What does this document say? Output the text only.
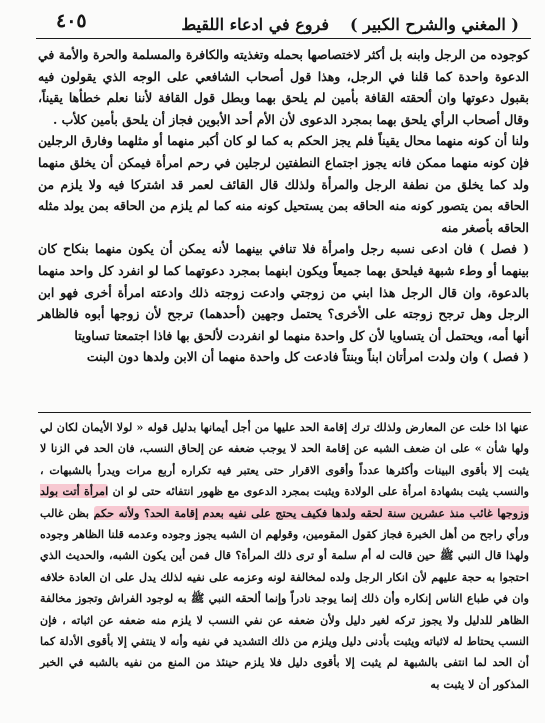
( المغني والشرح الكبير )
فروع في ادعاء اللقيط
٤٠٥

كوجوده من الرجل وابنه بل أكثر لاختصاصها بحمله وتغذيته والكافرة والمسلمة والحرة والأمة في الدعوة واحدة كما قلنا في الرجل، وهذا قول أصحاب الشافعي على الوجه الذي يقولون فيه بقبول دعوتها وان ألحقته القافة بأمين لم يلحق بهما وبطل قول القافة لأننا نعلم خطأها يقيناً، وقال أصحاب الرأي يلحق بهما بمجرد الدعوى لأن الأم أحد الأبوين فجاز أن يلحق بأمين كلأب .

ولنا أن كونه منهما محال يقيناً فلم يجز الحكم به كما لو كان أكبر منهما أو مثلهما وفارق الرجلين فإن كونه منهما ممكن فانه يجوز اجتماع النطفتين لرجلين في رحم امرأة فيمكن أن يخلق منهما ولد كما يخلق من نطفة الرجل والمرأة ولذلك قال القائف لعمر قد اشتركا فيه ولا يلزم من الحاقه بمن يتصور كونه منه الحاقه بمن يستحيل كونه منه كما لم يلزم من الحاقه بمن يولد مثله الحاقه بأصغر منه

( فصل ) فان ادعى نسبه رجل وامرأة فلا تنافي بينهما لأنه يمكن أن يكون منهما بنكاح كان بينهما أو وطء شبهة فيلحق بهما جميعاً ويكون ابنهما بمجرد دعوتهما كما لو انفرد كل واحد منهما بالدعوة، وان قال الرجل هذا ابني من زوجتي وادعت زوجته ذلك وادعته امرأة أخرى فهو ابن الرجل وهل ترجح زوجته على الأخرى؟ يحتمل وجهين (أحدهما) ترجح لأن زوجها أبوه فالظاهر أنها أمه، ويحتمل أن يتساويا لأن كل واحدة منهما لو انفردت لألحق بها فاذا اجتمعتا تساويتا

( فصل ) وان ولدت امرأتان ابناً وبنتاً فادعت كل واحدة منهما أن الابن ولدها دون البنت

عنها اذا خلت عن المعارض ولذلك ترك إقامة الحد عليها من أجل أيمانها بدليل قوله « لولا الأيمان لكان لي ولها شأن » على ان ضعف الشبه عن إقامة الحد لا يوجب ضعفه عن إلحاق النسب، فان الحد في الزنا لا يثبت إلا بأقوى البينات وأكثرها عدداً وأقوى الاقرار حتى يعتبر فيه تكراره أربع مرات ويدرأ بالشبهات ، والنسب يثبت بشهادة امرأة على الولادة ويثبت بمجرد الدعوى مع ظهور انتفائه حتى لو ان امرأة أتت بولد وزوجها غائب منذ عشرين سنة لحقه ولدها فكيف يحتج على نفيه بعدم إقامة الحد؟ ولأنه حكم بظن غالب ورأي راجح من أهل الخبرة فجاز كقول المقومين، وقولهم ان الشبه يجوز وجوده وعدمه قلنا الظاهر وجوده ولهذا قال النبي ﷺ حين قالت له أم سلمة أو ترى ذلك المرأة؟ قال فمن أين يكون الشبه، والحديث الذي احتجوا به حجة عليهم لأن انكار الرجل ولده لمخالفة لونه وعزمه على نفيه لذلك يدل على ان العادة خلافه وان في طباع الناس إنكاره وأن ذلك إنما يوجد نادراً وإنما ألحقه النبي ﷺ به لوجود الفراش وتجوز مخالفة الظاهر للدليل ولا يجوز تركه لغير دليل ولأن ضعفه عن نفي النسب لا يلزم منه ضعفه عن اثباته ، فإن النسب يحتاط له لاثباته ويثبت بأدنى دليل ويلزم من ذلك التشديد في نفيه وأنه لا ينتفي إلا بأقوى الأدلة كما أن الحد لما انتفى بالشبهة لم يثبت إلا بأقوى دليل فلا يلزم حينئذ من المنع من نفيه بالشبه في الخبر المذكور أن لا يثبت به
